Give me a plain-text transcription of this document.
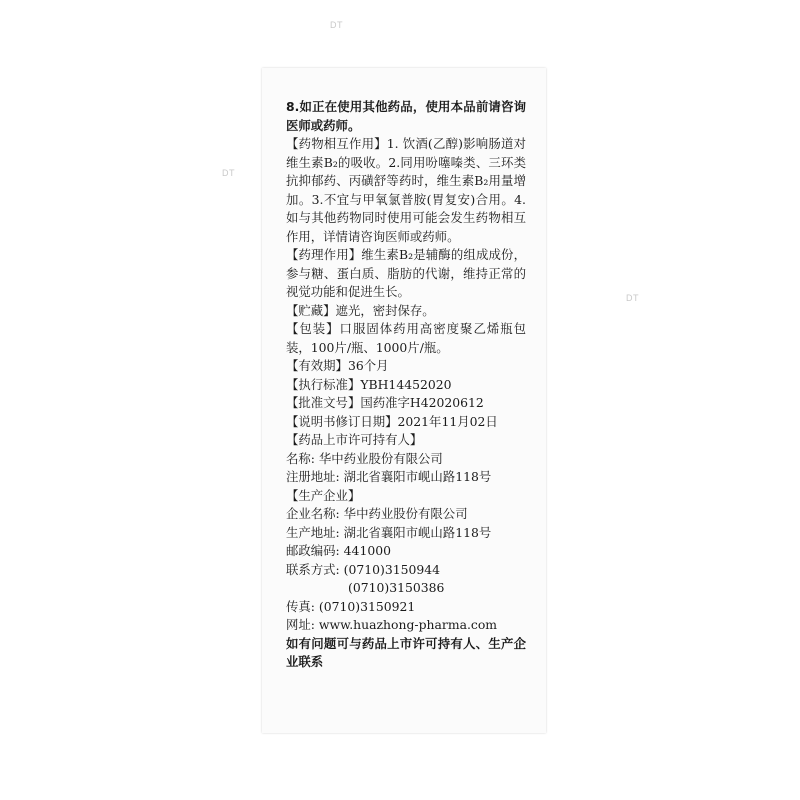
DT
DT
DT

8.如正在使用其他药品，使用本品前请咨询医师或药师。

【药物相互作用】1. 饮酒(乙醇)影响肠道对维生素B₂的吸收。2.同用吩噻嗪类、三环类抗抑郁药、丙磺舒等药时，维生素B₂用量增加。3.不宜与甲氧氯普胺(胃复安)合用。4.如与其他药物同时使用可能会发生药物相互作用，详情请咨询医师或药师。

【药理作用】维生素B₂是辅酶的组成成份，参与糖、蛋白质、脂肪的代谢，维持正常的视觉功能和促进生长。

【贮藏】遮光，密封保存。

【包装】口服固体药用高密度聚乙烯瓶包装，100片/瓶、1000片/瓶。

【有效期】36个月

【执行标准】YBH14452020

【批准文号】国药准字H42020612

【说明书修订日期】2021年11月02日

【药品上市许可持有人】

名称: 华中药业股份有限公司

注册地址: 湖北省襄阳市岘山路118号

【生产企业】

企业名称: 华中药业股份有限公司

生产地址: 湖北省襄阳市岘山路118号

邮政编码: 441000

联系方式: (0710)3150944

(0710)3150386

传真: (0710)3150921

网址: www.huazhong-pharma.com

如有问题可与药品上市许可持有人、生产企业联系
